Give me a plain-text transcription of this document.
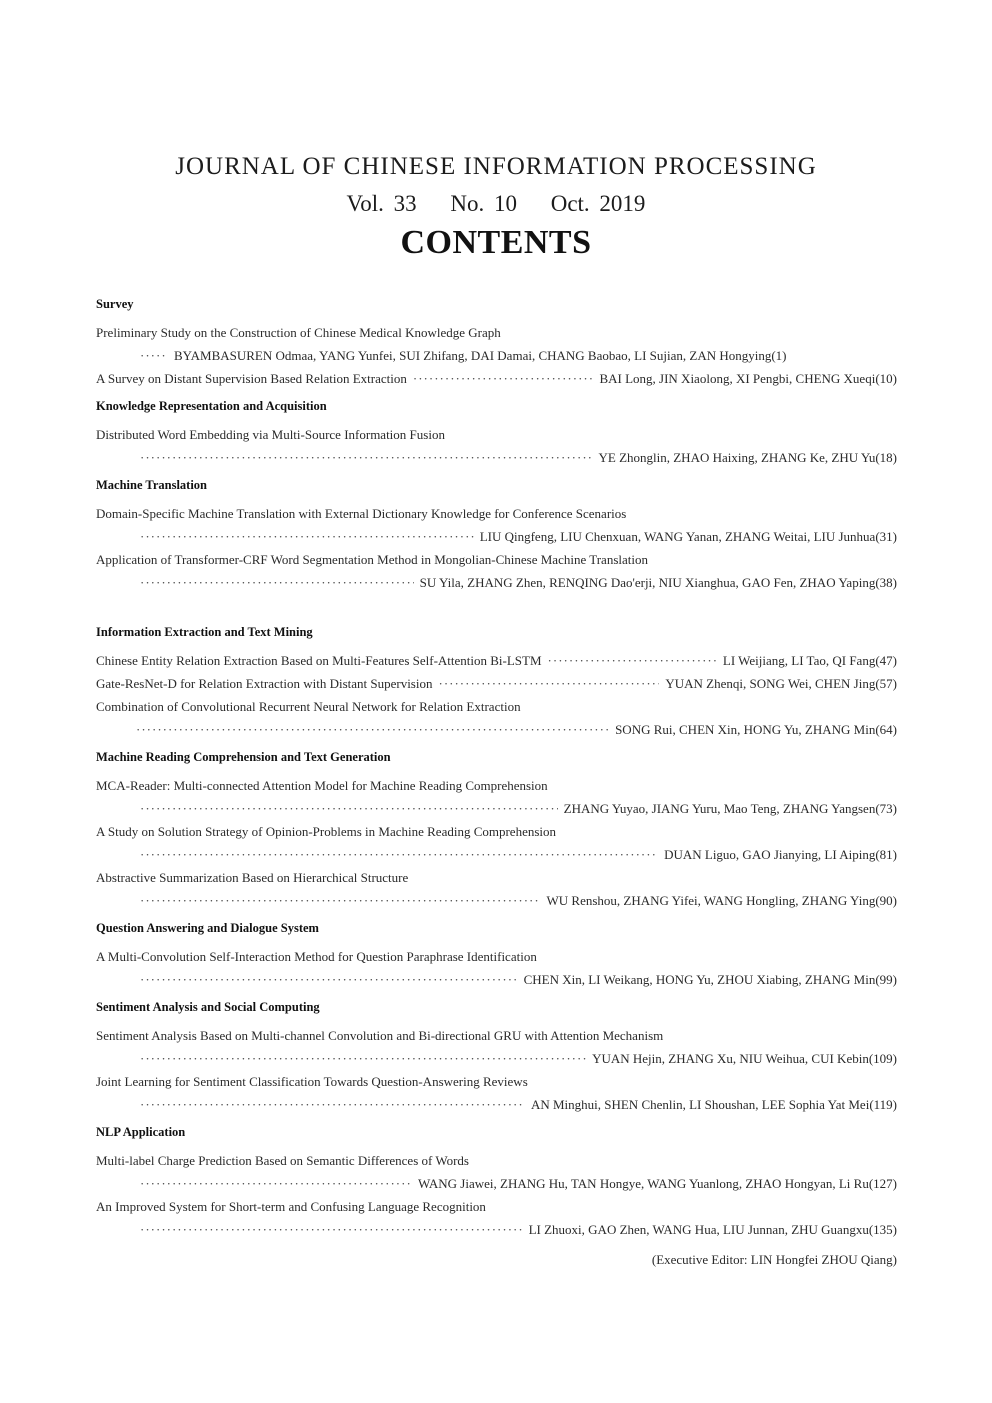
JOURNAL OF CHINESE INFORMATION PROCESSING
Vol. 33 No. 10 Oct. 2019
CONTENTS
Survey
Preliminary Study on the Construction of Chinese Medical Knowledge Graph
·····
BYAMBASUREN Odmaa, YANG Yunfei, SUI Zhifang, DAI Damai, CHANG Baobao, LI Sujian, ZAN Hongying (1)
A Survey on Distant Supervision Based Relation Extraction ·····	BAI Long, JIN Xiaolong, XI Pengbi, CHENG Xueqi (10)
Knowledge Representation and Acquisition
Distributed Word Embedding via Multi-Source Information Fusion
·····
YE Zhonglin, ZHAO Haixing, ZHANG Ke, ZHU Yu (18)
Machine Translation
Domain-Specific Machine Translation with External Dictionary Knowledge for Conference Scenarios
·····
LIU Qingfeng, LIU Chenxuan, WANG Yanan, ZHANG Weitai, LIU Junhua (31)
Application of Transformer-CRF Word Segmentation Method in Mongolian-Chinese Machine Translation
·····
SU Yila, ZHANG Zhen, RENQING Dao'erji, NIU Xianghua, GAO Fen, ZHAO Yaping (38)
Information Extraction and Text Mining
Chinese Entity Relation Extraction Based on Multi-Features Self-Attention Bi-LSTM ·····	LI Weijiang, LI Tao, QI Fang (47)
Gate-ResNet-D for Relation Extraction with Distant Supervision ·····	YUAN Zhenqi, SONG Wei, CHEN Jing (57)
Combination of Convolutional Recurrent Neural Network for Relation Extraction
·····
SONG Rui, CHEN Xin, HONG Yu, ZHANG Min (64)
Machine Reading Comprehension and Text Generation
MCA-Reader: Multi-connected Attention Model for Machine Reading Comprehension
·····
ZHANG Yuyao, JIANG Yuru, Mao Teng, ZHANG Yangsen (73)
A Study on Solution Strategy of Opinion-Problems in Machine Reading Comprehension
·····
DUAN Liguo, GAO Jianying, LI Aiping (81)
Abstractive Summarization Based on Hierarchical Structure
·····
WU Renshou, ZHANG Yifei, WANG Hongling, ZHANG Ying (90)
Question Answering and Dialogue System
A Multi-Convolution Self-Interaction Method for Question Paraphrase Identification
·····
CHEN Xin, LI Weikang, HONG Yu, ZHOU Xiabing, ZHANG Min (99)
Sentiment Analysis and Social Computing
Sentiment Analysis Based on Multi-channel Convolution and Bi-directional GRU with Attention Mechanism
·····
YUAN Hejin, ZHANG Xu, NIU Weihua, CUI Kebin (109)
Joint Learning for Sentiment Classification Towards Question-Answering Reviews
·····
AN Minghui, SHEN Chenlin, LI Shoushan, LEE Sophia Yat Mei (119)
NLP Application
Multi-label Charge Prediction Based on Semantic Differences of Words
·····
WANG Jiawei, ZHANG Hu, TAN Hongye, WANG Yuanlong, ZHAO Hongyan, Li Ru (127)
An Improved System for Short-term and Confusing Language Recognition
·····
LI Zhuoxi, GAO Zhen, WANG Hua, LIU Junnan, ZHU Guangxu (135)
(Executive Editor: LIN Hongfei ZHOU Qiang)
